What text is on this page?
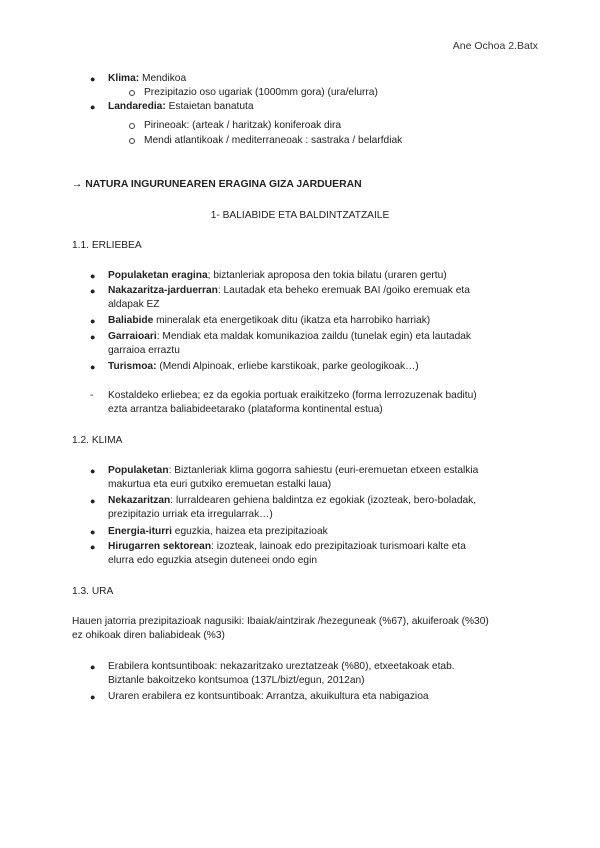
Ane Ochoa 2.Batx
● Klima: Mendikoa
Prezipitazio oso ugariak (1000mm gora) (ura/elurra)
● Landaredia: Estaietan banatuta
Pirineoak: (arteak / haritzak) koniferoak dira
Mendi atlantikoak / mediterraneoak : sastraka / belarfdiak
→ NATURA INGURUNEAREN ERAGINA GIZA JARDUERAN
1- BALIABIDE ETA BALDINTZATZAILE
1.1. ERLIEBEA
● Populaketan eragina; biztanleriak aproposa den tokia bilatu (uraren gertu)
● Nakazaritza-jarduerran: Lautadak eta beheko eremuak BAI /goiko eremuak eta
aldapak EZ
● Baliabide mineralak eta energetikoak ditu (ikatza eta harrobiko harriak)
● Garraioari: Mendiak eta maldak komunikazioa zaildu (tunelak egin) eta lautadak
garraioa erraztu
● Turismoa: (Mendi Alpinoak, erliebe karstikoak, parke geologikoak…)
- Kostaldeko erliebea; ez da egokia portuak eraikitzeko (forma lerrozuzenak baditu)
ezta arrantza baliabideetarako (plataforma kontinental estua)
1.2. KLIMA
● Populaketan: Biztanleriak klima gogorra sahiestu (euri-eremuetan etxeen estalkia
makurtua eta euri gutxiko eremuetan estalki laua)
● Nekazaritzan: lurraldearen gehiena baldintza ez egokiak (izozteak, bero-boladak,
prezipitazio urriak eta irregularrak…)
● Energia-iturri eguzkia, haizea eta prezipitazioak
● Hirugarren sektorean: izozteak, lainoak edo prezipitazioak turismoari kalte eta
elurra edo eguzkia atsegin duteneei ondo egin
1.3. URA
Hauen jatorria prezipitazioak nagusiki: Ibaiak/aintzirak /hezeguneak (%67), akuiferoak (%30)
ez ohikoak diren baliabideak (%3)
● Erabilera kontsuntiboak: nekazaritzako ureztatzeak (%80), etxeetakoak etab.
Biztanle bakoitzeko kontsumoa (137L/bizt/egun, 2012an)
● Uraren erabilera ez kontsuntiboak: Arrantza, akuikultura eta nabigazioa
